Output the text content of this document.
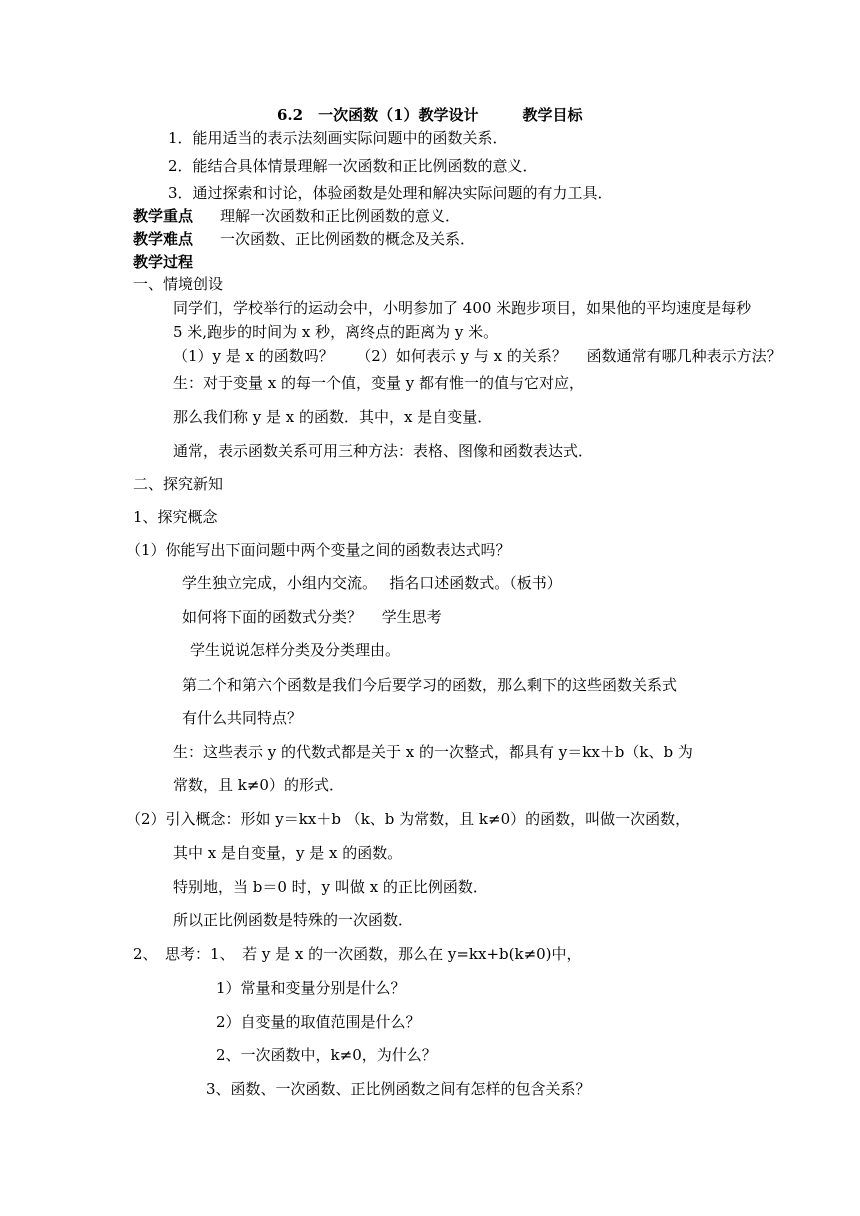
6.2　一次函数（1）教学设计	教学目标
1．能用适当的表示法刻画实际问题中的函数关系．
2．能结合具体情景理解一次函数和正比例函数的意义．
3．通过探索和讨论，体验函数是处理和解决实际问题的有力工具．
教学重点 理解一次函数和正比例函数的意义．
教学难点 一次函数、正比例函数的概念及关系．
教学过程
一、情境创设
同学们，学校举行的运动会中，小明参加了 400 米跑步项目，如果他的平均速度是每秒
5 米,跑步的时间为 x 秒，离终点的距离为 y 米。
（1）y 是 x 的函数吗？　　（2）如何表示 y 与 x 的关系？　 函数通常有哪几种表示方法？
生：对于变量 x 的每一个值，变量 y 都有惟一的值与它对应，
那么我们称 y 是 x 的函数．其中，x 是自变量．
通常，表示函数关系可用三种方法：表格、图像和函数表达式．
二、探究新知
1、探究概念
（1）你能写出下面问题中两个变量之间的函数表达式吗？
学生独立完成，小组内交流。　 指名口述函数式。（板书）
如何将下面的函数式分类？　 学生思考
学生说说怎样分类及分类理由。
第二个和第六个函数是我们今后要学习的函数，那么剩下的这些函数关系式
有什么共同特点？
生：这些表示 y 的代数式都是关于 x 的一次整式，都具有 y＝kx＋b（k、b 为
常数，且 k≠0）的形式．
（2）引入概念：形如 y＝kx＋b （k、b 为常数，且 k≠0）的函数，叫做一次函数，
其中 x 是自变量，y 是 x 的函数。
特别地，当 b＝0 时，y 叫做 x 的正比例函数．
所以正比例函数是特殊的一次函数．
2、　思考：1、　若 y 是 x 的一次函数，那么在 y=kx+b(k≠0)中，
1）常量和变量分别是什么？
2）自变量的取值范围是什么？
2、一次函数中，k≠0，为什么？
3、函数、一次函数、正比例函数之间有怎样的包含关系？
